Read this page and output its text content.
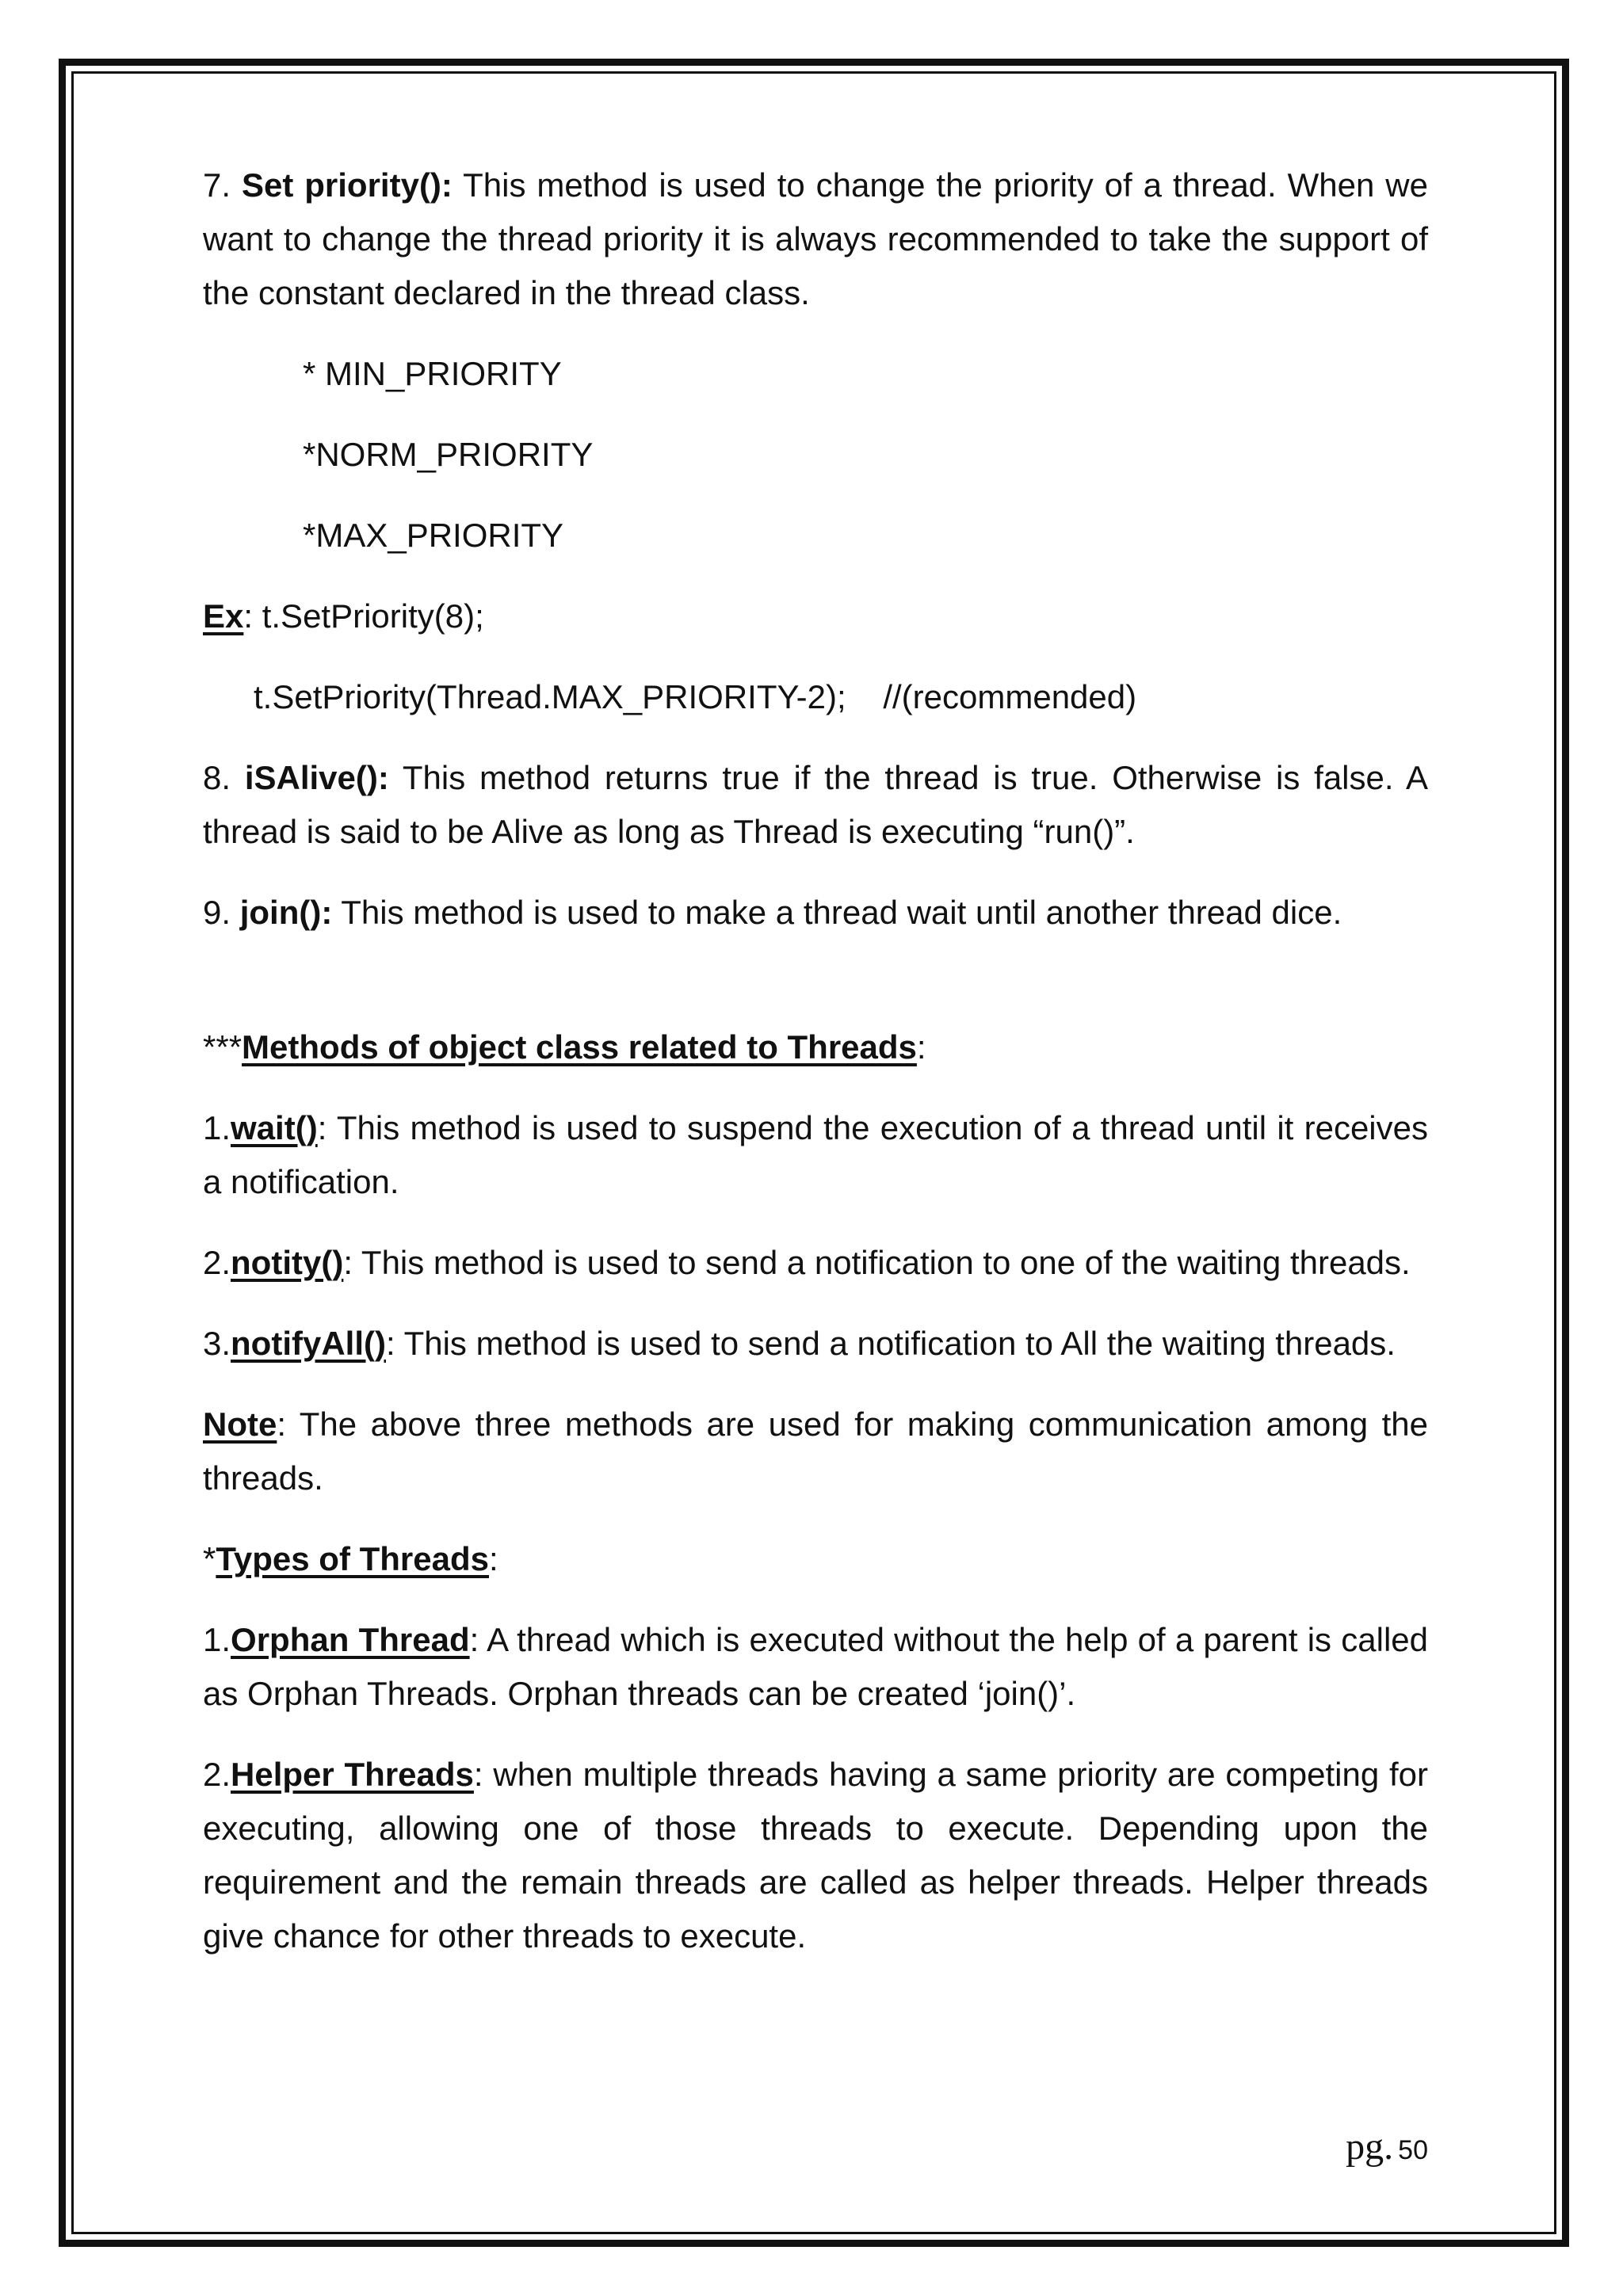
7. Set priority(): This method is used to change the priority of a thread. When we want to change the thread priority it is always recommended to take the support of the constant declared in the thread class.

* MIN_PRIORITY
*NORM_PRIORITY
*MAX_PRIORITY

Ex: t.SetPriority(8);

t.SetPriority(Thread.MAX_PRIORITY-2);    //(recommended)

8. iSAlive(): This method returns true if the thread is true. Otherwise is false. A thread is said to be Alive as long as Thread is executing “run()”.

9. join(): This method is used to make a thread wait until another thread dice.

***Methods of object class related to Threads:

1.wait(): This method is used to suspend the execution of a thread until it receives a notification.

2.notity(): This method is used to send a notification to one of the waiting threads.

3.notifyAll(): This method is used to send a notification to All the waiting threads.

Note: The above three methods are used for making communication among the threads.

*Types of Threads:

1.Orphan Thread: A thread which is executed without the help of a parent is called as Orphan Threads. Orphan threads can be created ‘join()’.

2.Helper Threads: when multiple threads having a same priority are competing for executing, allowing one of those threads to execute. Depending upon the requirement and the remain threads are called as helper threads. Helper threads give chance for other threads to execute.

pg. 50
